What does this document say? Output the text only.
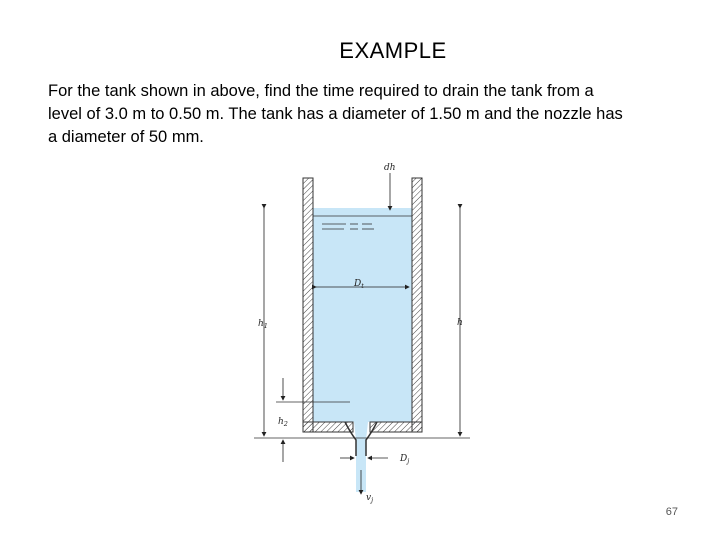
EXAMPLE
For the tank shown in above, find the time required to drain the tank from a
level of 3.0 m to 0.50 m. The tank has a diameter of 1.50 m and the nozzle has
a diameter of 50 mm.
dh
$D_t$
$h_1$	h
$h_2$
$D_j$
$v_j$
67
